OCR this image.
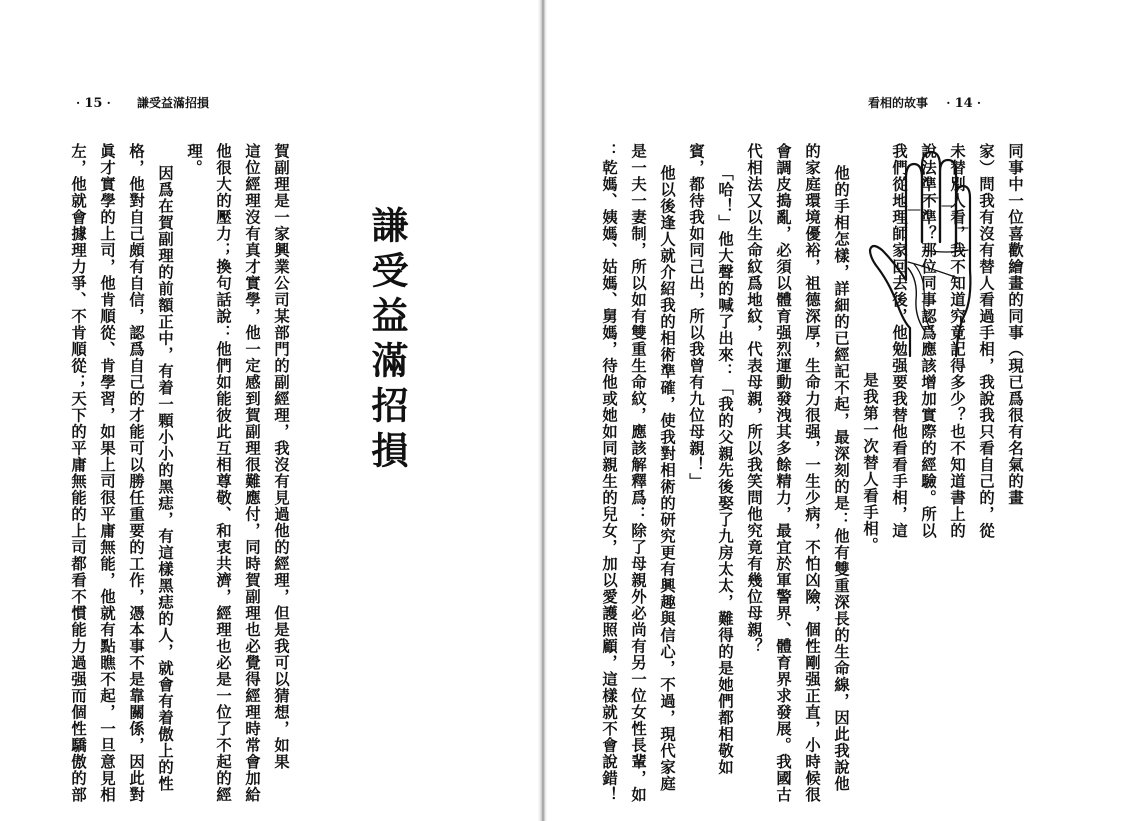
· 15 · 謙受益滿招損
謙受益滿招損
賀副理是一家興業公司某部門的副經理，我沒有見過他的經理，但是我可以猜想，如果
這位經理沒有真才實學，他一定感到賀副理很難應付，同時賀副理也必覺得經理時常會加給
他很大的壓力；換句話說：他們如能彼此互相尊敬、和衷共濟，經理也必是一位了不起的經
理。
因爲在賀副理的前額正中，有着一顆小小的黑痣，有這樣黑痣的人，就會有着傲上的性
格，他對自己頗有自信，認爲自己的才能可以勝任重要的工作，憑本事不是靠關係，因此對
眞才實學的上司，他肯順從、肯學習，如果上司很平庸無能，他就有點瞧不起，一旦意見相
左，他就會據理力爭、不肯順從；天下的平庸無能的上司都看不慣能力過强而個性驕傲的部
看相的故事 · 14 ·
同事中一位喜歡繪畫的同事（現已爲很有名氣的畫
家）問我有沒有替人看過手相，我說我只看自己的，從
未替別人看，我不知道究竟記得多少？也不知道書上的
說法準不準？那位同事認爲應該增加實際的經驗。所以
我們從地理師家回去後，他勉强要我替他看看手相，這
是我第一次替人看手相。
他的手相怎樣，詳細的已經記不起，最深刻的是：他有雙重深長的生命線，因此我說他
的家庭環境優裕，祖德深厚，生命力很强，一生少病，不怕凶險，個性剛强正直，小時候很
會調皮搗亂，必須以體育强烈運動發洩其多餘精力，最宜於軍警界、體育界求發展。我國古
代相法又以生命紋爲地紋，代表母親，所以我笑問他究竟有幾位母親？
「哈！」他大聲的喊了出來：「我的父親先後娶了九房太太，難得的是她們都相敬如
賓，都待我如同己出，所以我曾有九位母親！」
他以後逢人就介紹我的相術準確，使我對相術的研究更有興趣與信心，不過，現代家庭
是一夫一妻制，所以如有雙重生命紋，應該解釋爲：除了母親外必尚有另一位女性長輩，如
：乾媽、姨媽、姑媽、舅媽，待他或她如同親生的兒女，加以愛護照顧，這樣就不會說錯！
